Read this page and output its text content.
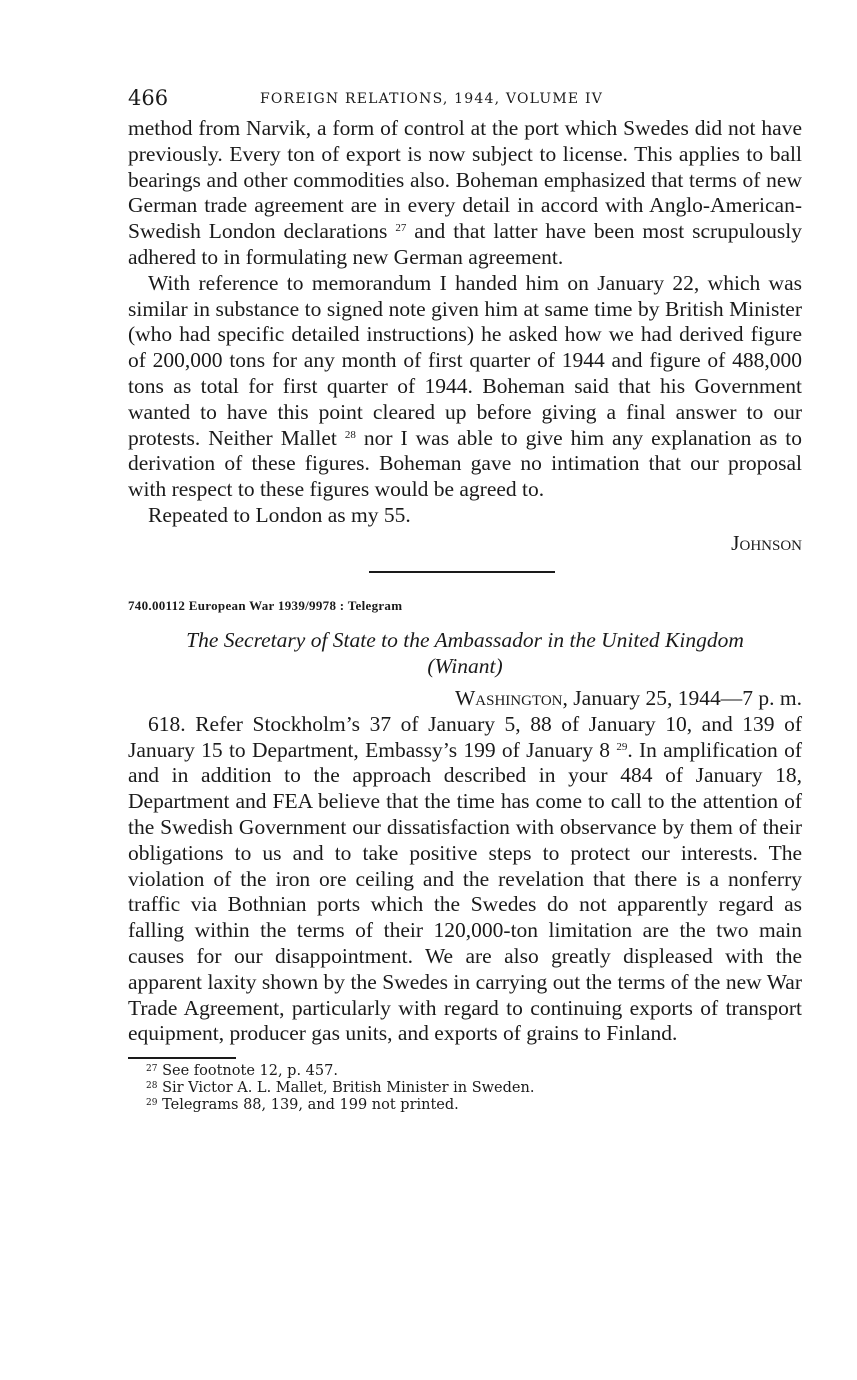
466	FOREIGN RELATIONS, 1944, VOLUME IV

method from Narvik, a form of control at the port which Swedes did not have previously. Every ton of export is now subject to license. This applies to ball bearings and other commodities also. Boheman emphasized that terms of new German trade agreement are in every detail in accord with Anglo-American-Swedish London declarations $^{27}$ and that latter have been most scrupulously adhered to in formulating new German agreement.

With reference to memorandum I handed him on January 22, which was similar in substance to signed note given him at same time by British Minister (who had specific detailed instructions) he asked how we had derived figure of 200,000 tons for any month of first quarter of 1944 and figure of 488,000 tons as total for first quarter of 1944. Boheman said that his Government wanted to have this point cleared up before giving a final answer to our protests. Neither Mallet $^{28}$ nor I was able to give him any explanation as to derivation of these figures. Boheman gave no intimation that our proposal with respect to these figures would be agreed to.

Repeated to London as my 55.

Johnson
740.00112 European War 1939/9978 : Telegram
The Secretary of State to the Ambassador in the United Kingdom
(Winant)
Washington, January 25, 1944—7 p. m.

618. Refer Stockholm’s 37 of January 5, 88 of January 10, and 139 of January 15 to Department, Embassy’s 199 of January 8 $^{29}$. In amplification of and in addition to the approach described in your 484 of January 18, Department and FEA believe that the time has come to call to the attention of the Swedish Government our dissatisfaction with observance by them of their obligations to us and to take positive steps to protect our interests. The violation of the iron ore ceiling and the revelation that there is a nonferry traffic via Bothnian ports which the Swedes do not apparently regard as falling within the terms of their 120,000-ton limitation are the two main causes for our disappointment. We are also greatly displeased with the apparent laxity shown by the Swedes in carrying out the terms of the new War Trade Agreement, particularly with regard to continuing exports of transport equipment, producer gas units, and exports of grains to Finland.

$^{27}$ See footnote 12, p. 457.
$^{28}$ Sir Victor A. L. Mallet, British Minister in Sweden.
$^{29}$ Telegrams 88, 139, and 199 not printed.
